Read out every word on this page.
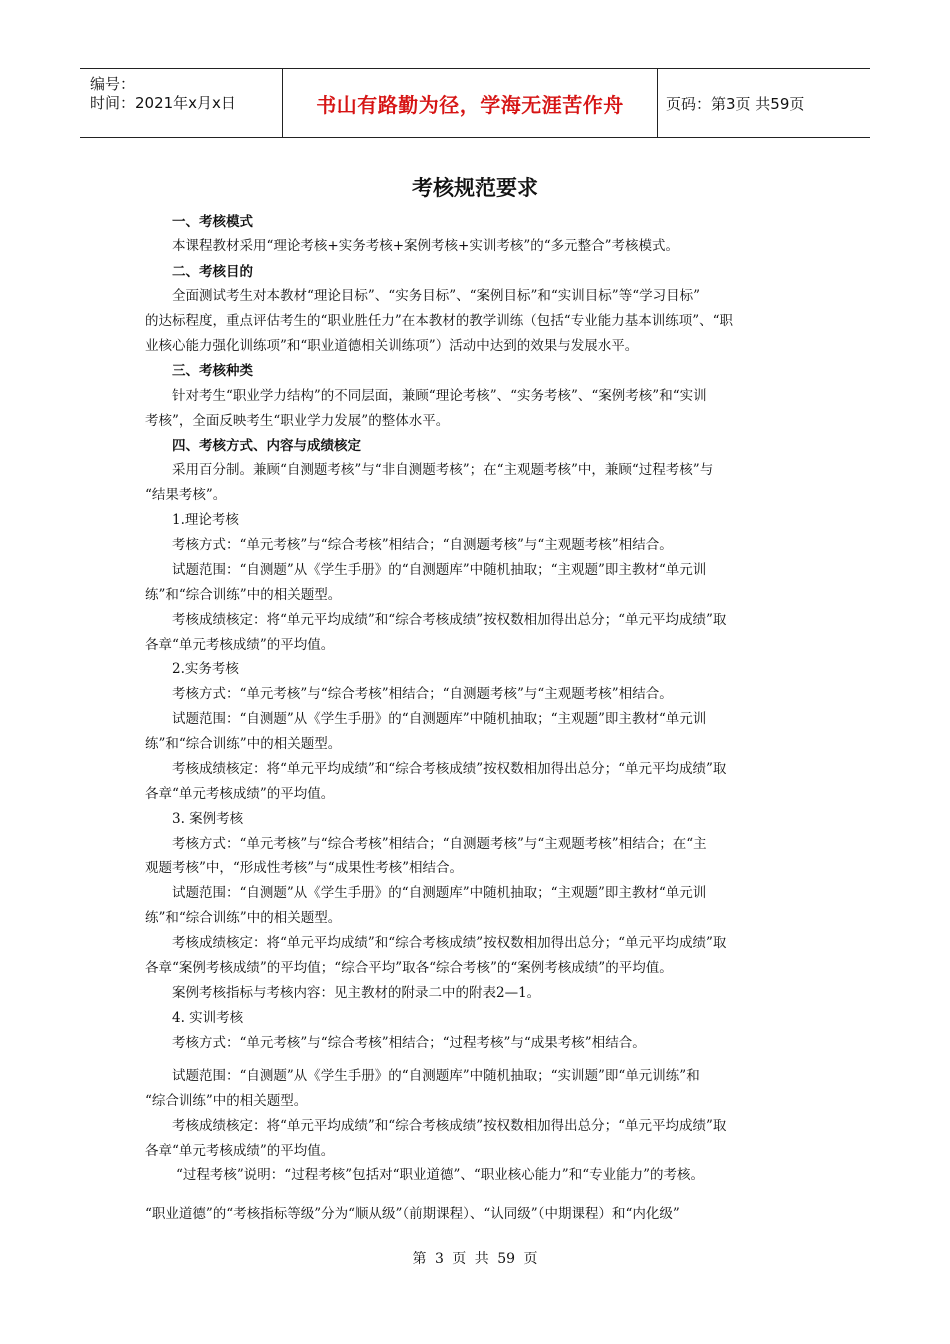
编号：
时间：2021年x月x日	书山有路勤为径，学海无涯苦作舟	页码：第3页 共59页
考核规范要求
一、考核模式
本课程教材采用“理论考核+实务考核+案例考核+实训考核”的“多元整合”考核模式。
二、考核目的
全面测试考生对本教材“理论目标”、“实务目标”、“案例目标”和“实训目标”等“学习目标”
的达标程度，重点评估考生的“职业胜任力”在本教材的教学训练（包括“专业能力基本训练项”、“职
业核心能力强化训练项”和“职业道德相关训练项”）活动中达到的效果与发展水平。
三、考核种类
针对考生“职业学力结构”的不同层面，兼顾“理论考核”、“实务考核”、“案例考核”和“实训
考核”，全面反映考生“职业学力发展”的整体水平。
四、考核方式、内容与成绩核定
采用百分制。兼顾“自测题考核”与“非自测题考核”；在“主观题考核”中，兼顾“过程考核”与
“结果考核”。
1.理论考核
考核方式：“单元考核”与“综合考核”相结合；“自测题考核”与“主观题考核”相结合。
试题范围：“自测题”从《学生手册》的“自测题库”中随机抽取；“主观题”即主教材“单元训
练”和“综合训练”中的相关题型。
考核成绩核定：将“单元平均成绩”和“综合考核成绩”按权数相加得出总分；“单元平均成绩”取
各章“单元考核成绩”的平均值。
2.实务考核
考核方式：“单元考核”与“综合考核”相结合；“自测题考核”与“主观题考核”相结合。
试题范围：“自测题”从《学生手册》的“自测题库”中随机抽取；“主观题”即主教材“单元训
练”和“综合训练”中的相关题型。
考核成绩核定：将“单元平均成绩”和“综合考核成绩”按权数相加得出总分；“单元平均成绩”取
各章“单元考核成绩”的平均值。
3. 案例考核
考核方式：“单元考核”与“综合考核”相结合；“自测题考核”与“主观题考核”相结合；在“主
观题考核”中，“形成性考核”与“成果性考核”相结合。
试题范围：“自测题”从《学生手册》的“自测题库”中随机抽取；“主观题”即主教材“单元训
练”和“综合训练”中的相关题型。
考核成绩核定：将“单元平均成绩”和“综合考核成绩”按权数相加得出总分；“单元平均成绩”取
各章“案例考核成绩”的平均值；“综合平均”取各“综合考核”的“案例考核成绩”的平均值。
案例考核指标与考核内容：见主教材的附录二中的附表2—1。
4. 实训考核
考核方式：“单元考核”与“综合考核”相结合；“过程考核”与“成果考核”相结合。
试题范围：“自测题”从《学生手册》的“自测题库”中随机抽取；“实训题”即“单元训练”和
“综合训练”中的相关题型。
考核成绩核定：将“单元平均成绩”和“综合考核成绩”按权数相加得出总分；“单元平均成绩”取
各章“单元考核成绩”的平均值。
“过程考核”说明：“过程考核”包括对“职业道德”、“职业核心能力”和“专业能力”的考核。
“职业道德”的“考核指标等级”分为“顺从级”（前期课程）、“认同级”（中期课程）和“内化级”
第 3 页 共 59 页
